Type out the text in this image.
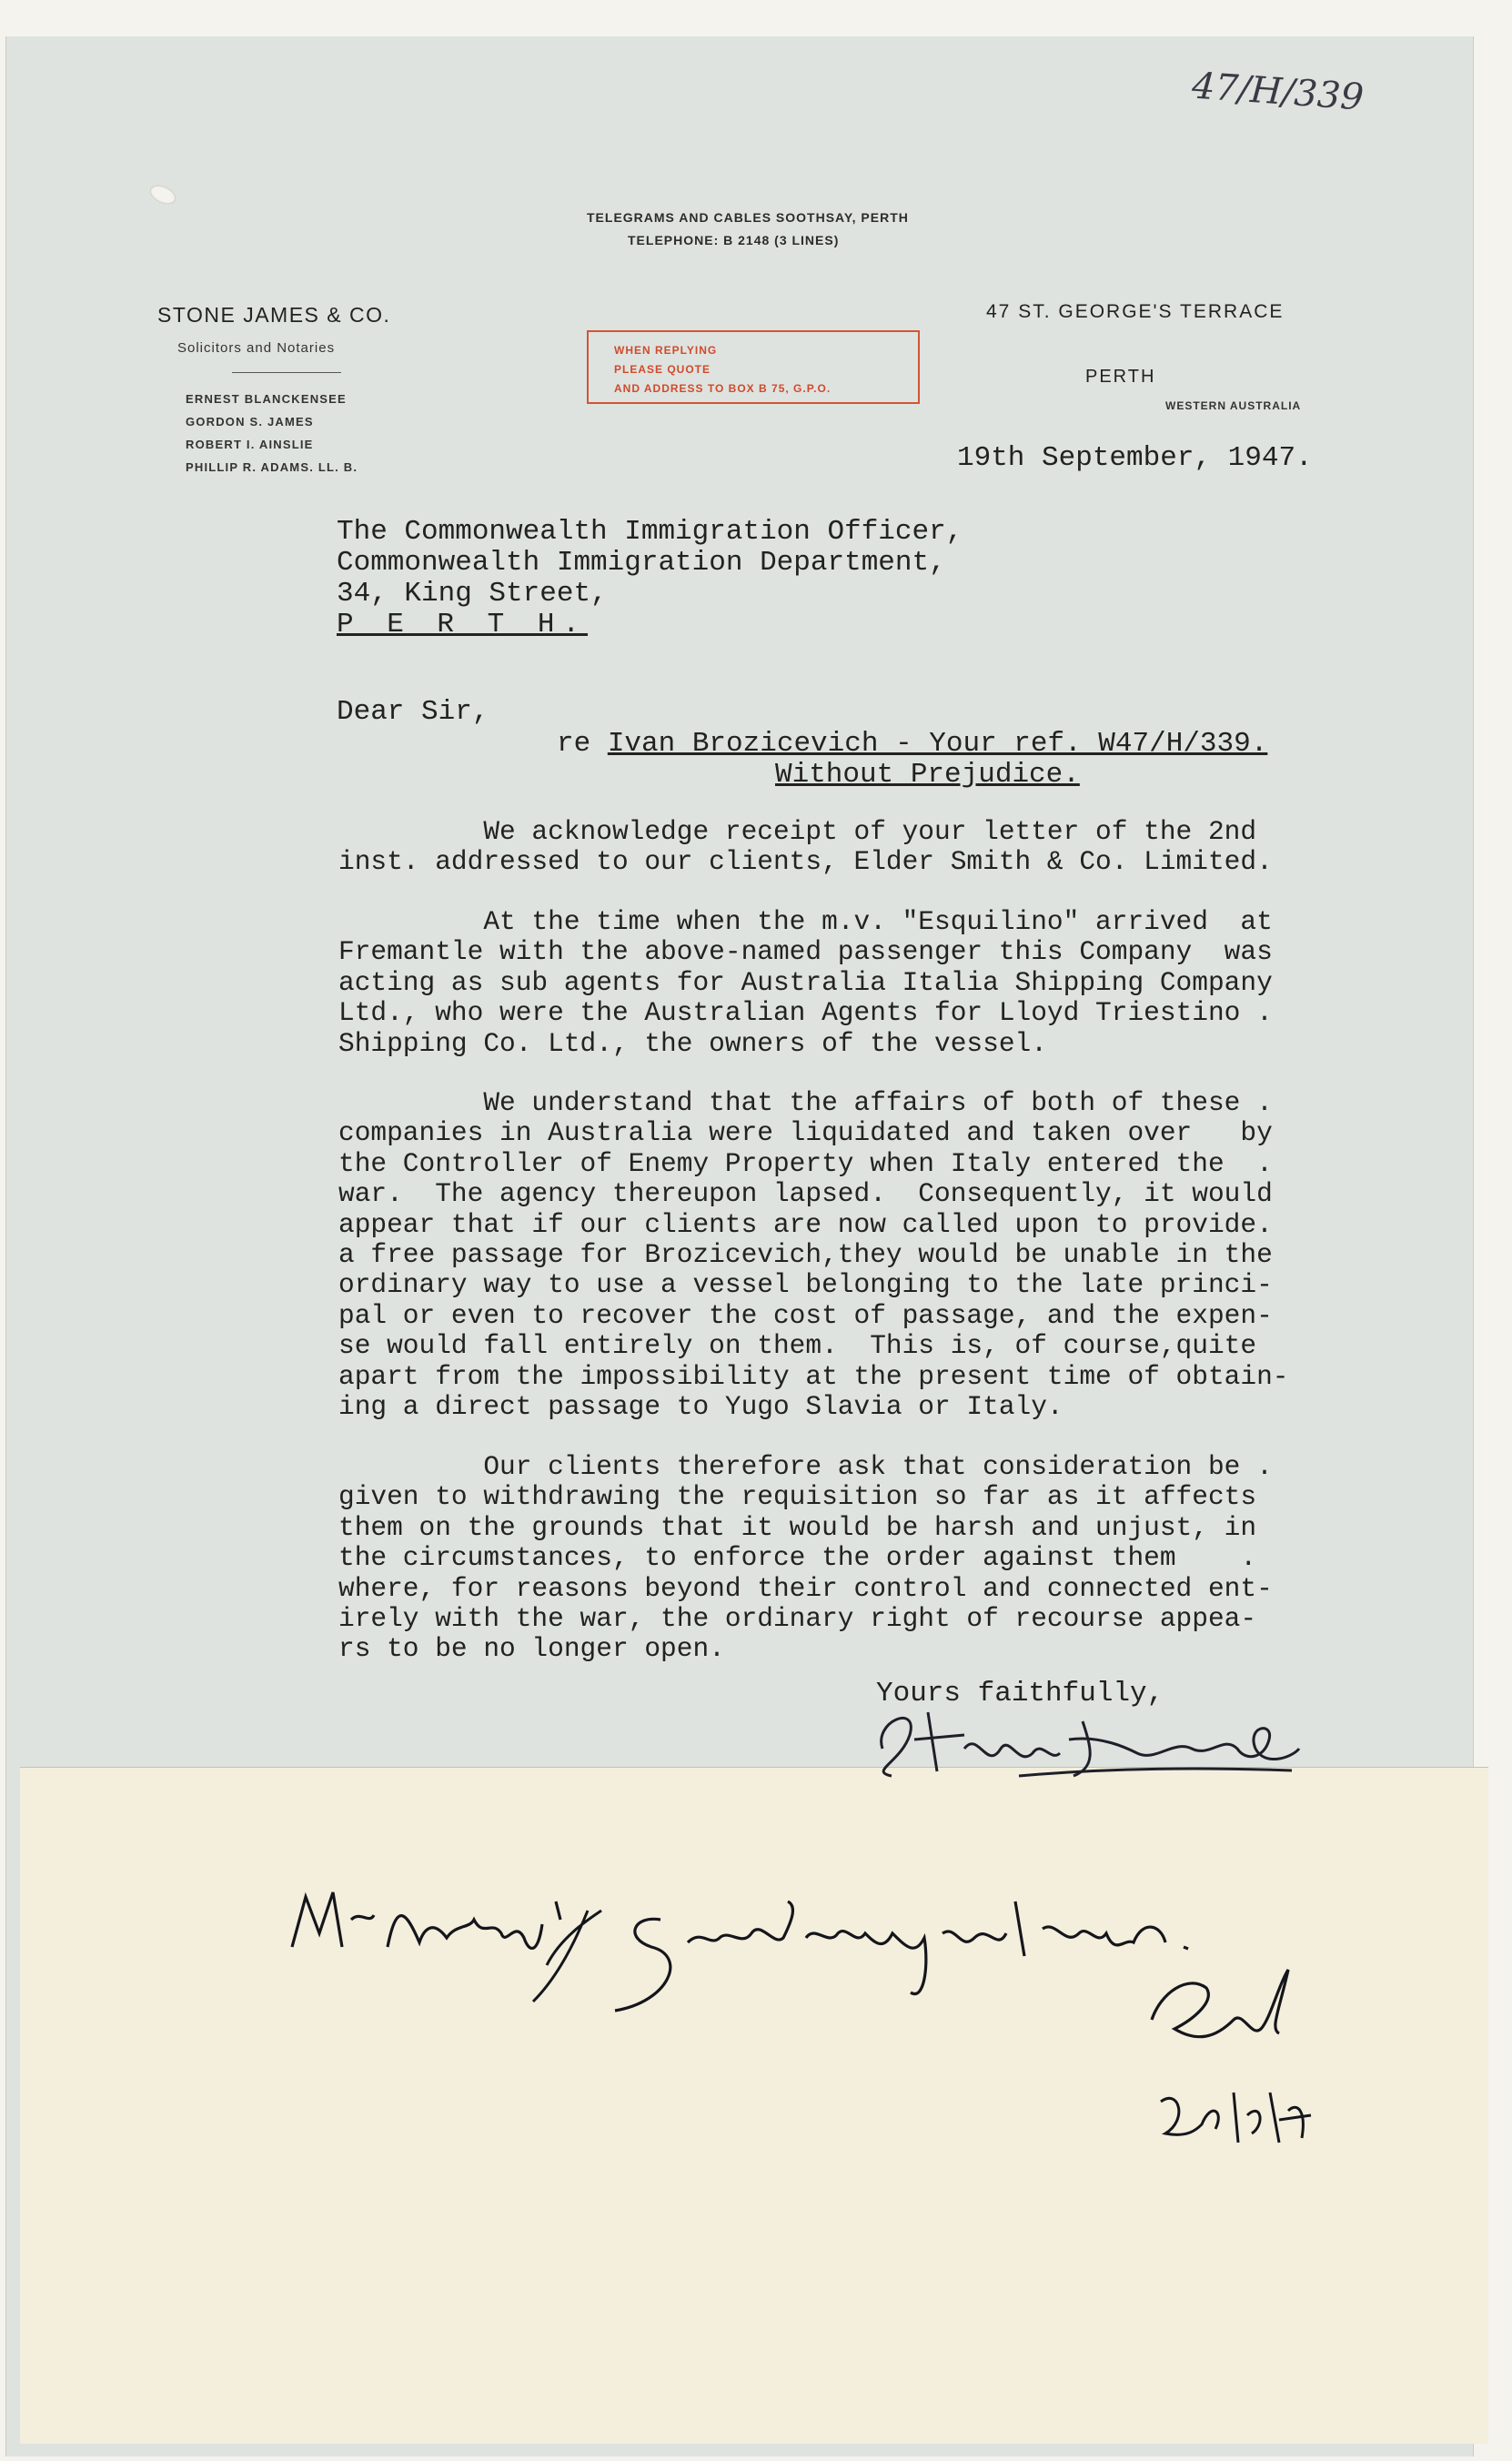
47/H/339
TELEGRAMS AND CABLES SOOTHSAY, PERTH
TELEPHONE: B 2148 (3 LINES)
STONE JAMES & CO.
Solicitors and Notaries
ERNEST BLANCKENSEE
GORDON S. JAMES
ROBERT I. AINSLIE
PHILLIP R. ADAMS. LL. B.
WHEN REPLYING
PLEASE QUOTE
AND ADDRESS TO BOX B 75, G.P.O.
47 ST. GEORGE'S TERRACE
PERTH
WESTERN AUSTRALIA
19th September, 1947.
The Commonwealth Immigration Officer,
Commonwealth Immigration Department,
34, King Street,
P E R T H.
Dear Sir,
re Ivan Brozicevich - Your ref. W47/H/339.
Without Prejudice.
We acknowledge receipt of your letter of the 2nd
inst. addressed to our clients, Elder Smith & Co. Limited.
At the time when the m.v. "Esquilino" arrived  at
Fremantle with the above-named passenger this Company  was
acting as sub agents for Australia Italia Shipping Company
Ltd., who were the Australian Agents for Lloyd Triestino .
Shipping Co. Ltd., the owners of the vessel.
We understand that the affairs of both of these .
companies in Australia were liquidated and taken over   by
the Controller of Enemy Property when Italy entered the  .
war.  The agency thereupon lapsed.  Consequently, it would
appear that if our clients are now called upon to provide.
a free passage for Brozicevich,they would be unable in the
ordinary way to use a vessel belonging to the late princi-
pal or even to recover the cost of passage, and the expen-
se would fall entirely on them.  This is, of course,quite
apart from the impossibility at the present time of obtain-
ing a direct passage to Yugo Slavia or Italy.
Our clients therefore ask that consideration be .
given to withdrawing the requisition so far as it affects
them on the grounds that it would be harsh and unjust, in
the circumstances, to enforce the order against them    .
where, for reasons beyond their control and connected ent-
irely with the war, the ordinary right of recourse appea-
rs to be no longer open.
Yours faithfully,
